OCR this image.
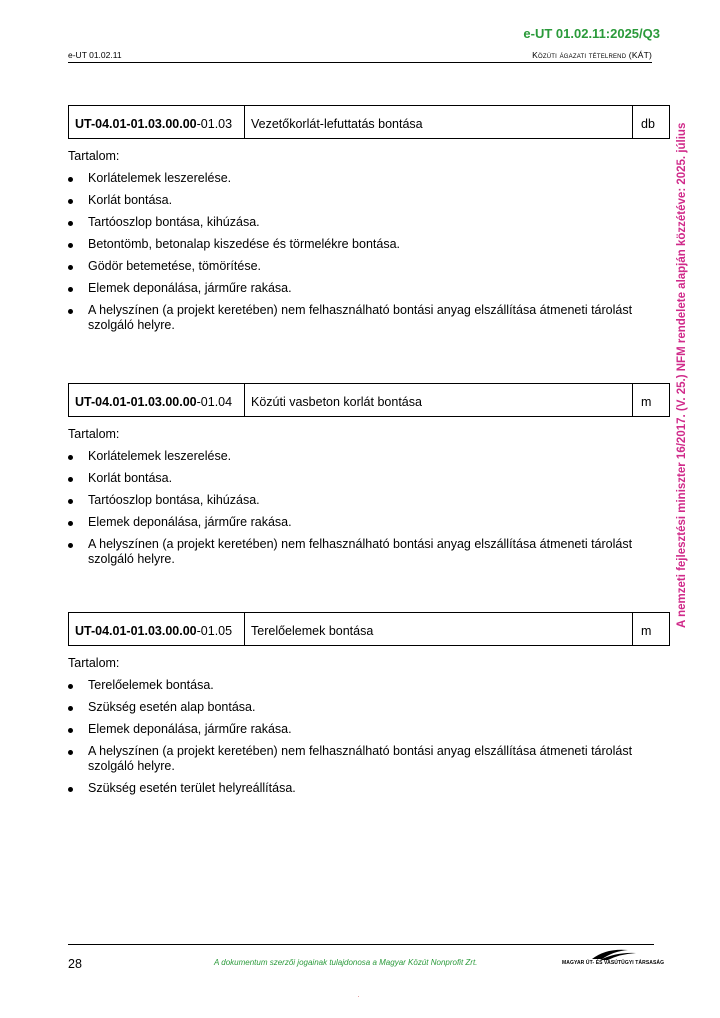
e-UT 01.02.11:2025/Q3
e-UT 01.02.11	Közúti ágazati tételrend (KÁT)
A nemzeti fejlesztési miniszter 16/2017. (V. 25.) NFM rendelete alapján közzétéve: 2025. július
UT-04.01-01.03.00.00 -01.03	Vezetőkorlát-lefuttatás bontása	db
Tartalom:
Korlátelemek leszerelése.
Korlát bontása.
Tartóoszlop bontása, kihúzása.
Betontömb, betonalap kiszedése és törmelékre bontása.
Gödör betemetése, tömörítése.
Elemek deponálása, járműre rakása.
A helyszínen (a projekt keretében) nem felhasználható bontási anyag elszállítása átmeneti tárolást szolgáló helyre.
UT-04.01-01.03.00.00 -01.04	Közúti vasbeton korlát bontása	m
Tartalom:
Korlátelemek leszerelése.
Korlát bontása.
Tartóoszlop bontása, kihúzása.
Elemek deponálása, járműre rakása.
A helyszínen (a projekt keretében) nem felhasználható bontási anyag elszállítása átmeneti tárolást szolgáló helyre.
UT-04.01-01.03.00.00 -01.05	Terelőelemek bontása	m
Tartalom:
Terelőelemek bontása.
Szükség esetén alap bontása.
Elemek deponálása, járműre rakása.
A helyszínen (a projekt keretében) nem felhasználható bontási anyag elszállítása átmeneti tárolást szolgáló helyre.
Szükség esetén terület helyreállítása.
28	A dokumentum szerzői jogainak tulajdonosa a Magyar Közút Nonprofit Zrt.	MAGYAR ÚT- ÉS VASÚTÜGYI TÁRSASÁG
